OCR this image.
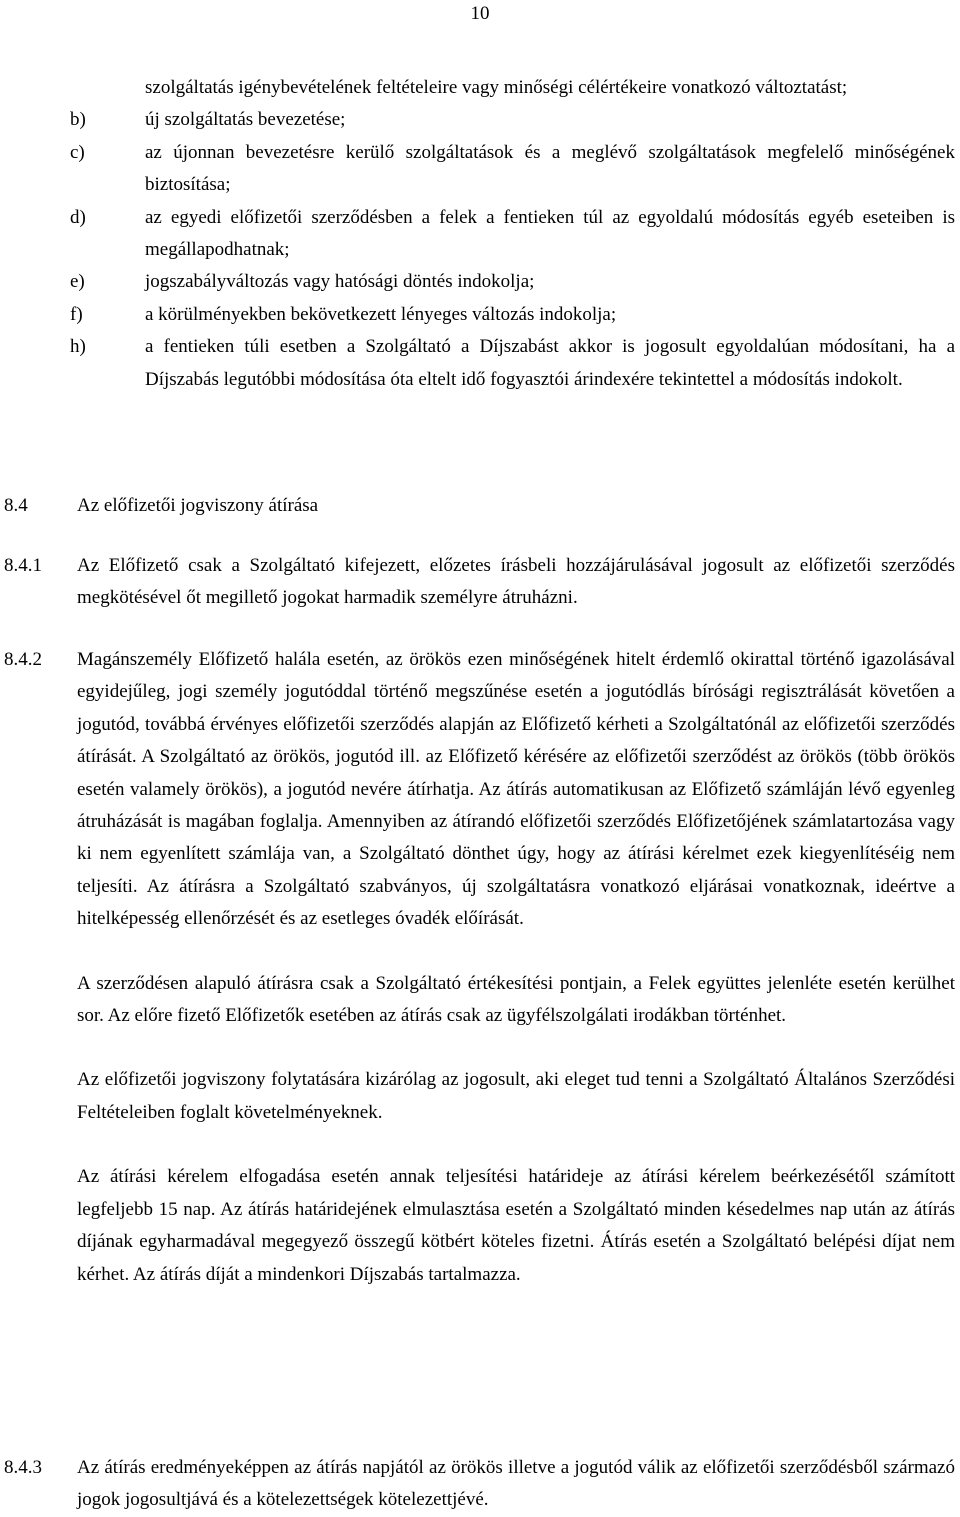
10
szolgáltatás igénybevételének feltételeire vagy minőségi célértékeire vonatkozó változtatást;
b)	új szolgáltatás bevezetése;
c)	az újonnan bevezetésre kerülő szolgáltatások és a meglévő szolgáltatások megfelelő minőségének biztosítása;
d)	az egyedi előfizetői szerződésben a felek a fentieken túl az egyoldalú módosítás egyéb eseteiben is megállapodhatnak;
e)	jogszabályváltozás vagy hatósági döntés indokolja;
f)	a körülményekben bekövetkezett lényeges változás indokolja;
h)	a fentieken túli esetben a Szolgáltató a Díjszabást akkor is jogosult egyoldalúan módosítani, ha a Díjszabás legutóbbi módosítása óta eltelt idő fogyasztói árindexére tekintettel a módosítás indokolt.
8.4	Az előfizetői jogviszony átírása
8.4.1	Az Előfizető csak a Szolgáltató kifejezett, előzetes írásbeli hozzájárulásával jogosult az előfizetői szerződés megkötésével őt megillető jogokat harmadik személyre átruházni.
8.4.2	Magánszemély Előfizető halála esetén, az örökös ezen minőségének hitelt érdemlő okirattal történő igazolásával egyidejűleg, jogi személy jogutóddal történő megszűnése esetén a jogutódlás bírósági regisztrálását követően a jogutód, továbbá érvényes előfizetői szerződés alapján az Előfizető kérheti a Szolgáltatónál az előfizetői szerződés átírását. A Szolgáltató az örökös, jogutód ill. az Előfizető kérésére az előfizetői szerződést az örökös (több örökös esetén valamely örökös), a jogutód nevére átírhatja. Az átírás automatikusan az Előfizető számláján lévő egyenleg átruházását is magában foglalja. Amennyiben az átírandó előfizetői szerződés Előfizetőjének számlatartozása vagy ki nem egyenlített számlája van, a Szolgáltató dönthet úgy, hogy az átírási kérelmet ezek kiegyenlítéséig nem teljesíti. Az átírásra a Szolgáltató szabványos, új szolgáltatásra vonatkozó eljárásai vonatkoznak, ideértve a hitelképesség ellenőrzését és az esetleges óvadék előírását.

A szerződésen alapuló átírásra csak a Szolgáltató értékesítési pontjain, a Felek együttes jelenléte esetén kerülhet sor. Az előre fizető Előfizetők esetében az átírás csak az ügyfélszolgálati irodákban történhet.

Az előfizetői jogviszony folytatására kizárólag az jogosult, aki eleget tud tenni a Szolgáltató Általános Szerződési Feltételeiben foglalt követelményeknek.

Az átírási kérelem elfogadása esetén annak teljesítési határideje az átírási kérelem beérkezésétől számított legfeljebb 15 nap. Az átírás határidejének elmulasztása esetén a Szolgáltató minden késedelmes nap után az átírás díjának egyharmadával megegyező összegű kötbért köteles fizetni. Átírás esetén a Szolgáltató belépési díjat nem kérhet. Az átírás díját a mindenkori Díjszabás tartalmazza.

8.4.3	Az átírás eredményeképpen az átírás napjától az örökös illetve a jogutód válik az előfizetői szerződésből származó jogok jogosultjává és a kötelezettségek kötelezettjévé.
